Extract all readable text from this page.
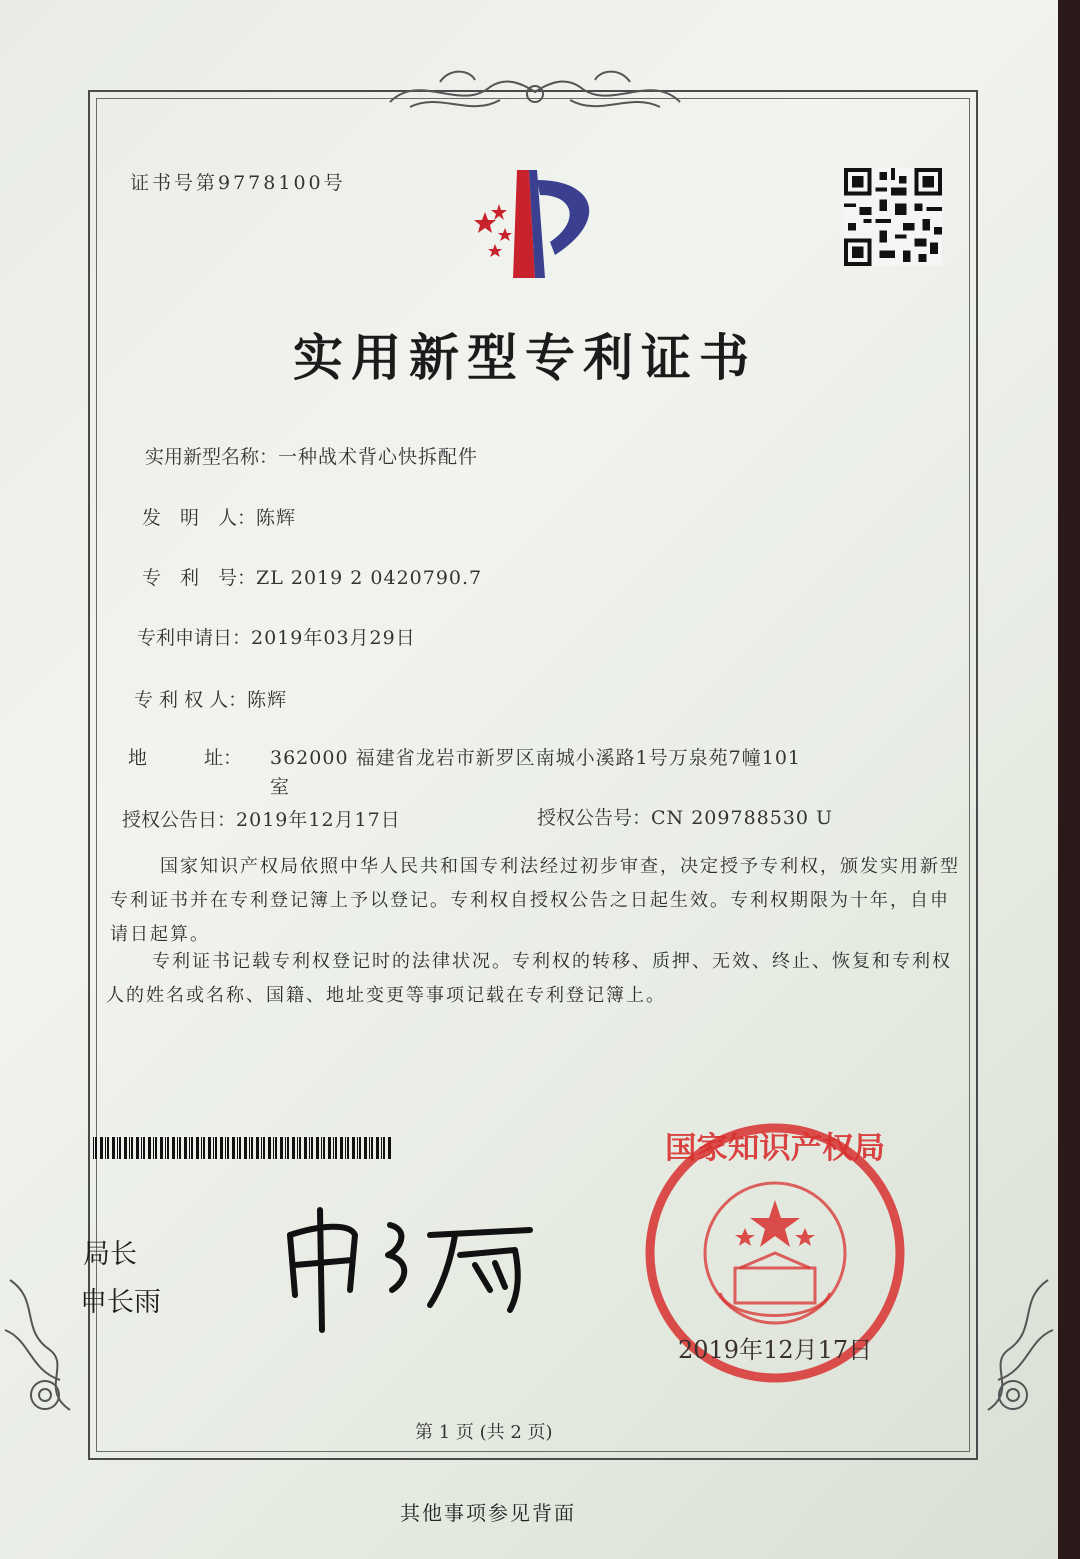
证书号第9778100号
实用新型专利证书
实用新型名称：一种战术背心快拆配件
发　明　人：陈辉
专　利　号：ZL 2019 2 0420790.7
专利申请日：2019年03月29日
专 利 权 人：陈辉
地　　　址： 362000 福建省龙岩市新罗区南城小溪路1号万泉苑7幢101
室
授权公告日：2019年12月17日	授权公告号：CN 209788530 U
国家知识产权局依照中华人民共和国专利法经过初步审查，决定授予专利权，颁发实用新型专利证书并在专利登记簿上予以登记。专利权自授权公告之日起生效。专利权期限为十年，自申请日起算。
专利证书记载专利权登记时的法律状况。专利权的转移、质押、无效、终止、恢复和专利权人的姓名或名称、国籍、地址变更等事项记载在专利登记簿上。
局长
申长雨
国家知识产权局
2019年12月17日
第 1 页 (共 2 页)
其他事项参见背面
